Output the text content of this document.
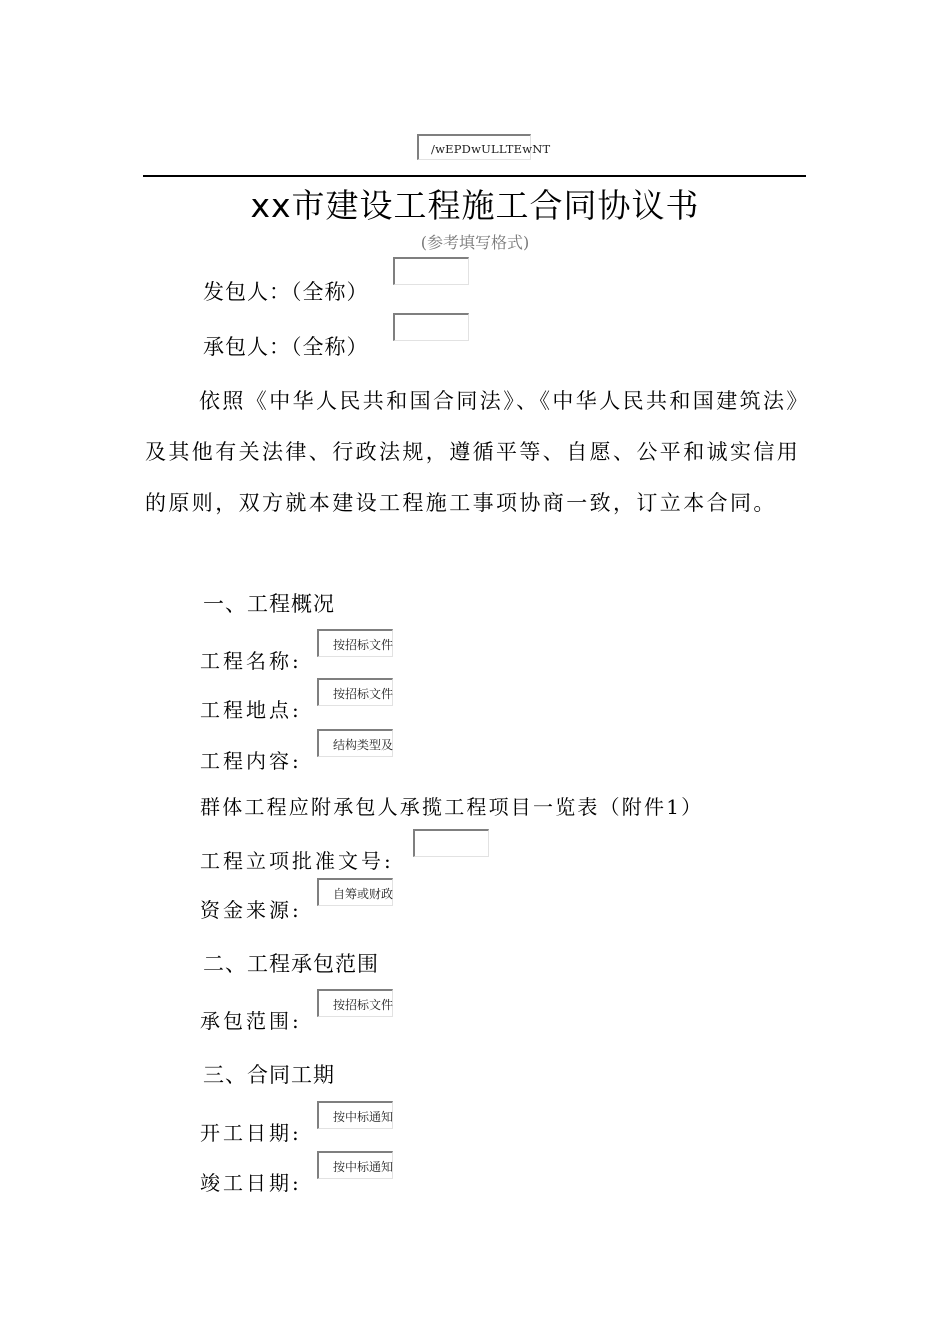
/wEPDwULLTEwNT
xx市建设工程施工合同协议书
(参考填写格式)
发包人：（全称）
承包人：（全称）

依照《中华人民共和国合同法》、《中华人民共和国建筑法》及其他有关法律、行政法规，遵循平等、自愿、公平和诚实信用的原则，双方就本建设工程施工事项协商一致，订立本合同。

一、工程概况
工程名称:
按招标文件
工程地点:
按招标文件
工程内容:
结构类型及
群体工程应附承包人承揽工程项目一览表（附件1）
工程立项批准文号:
资金来源:
自筹或财政
二、工程承包范围
承包范围:
按招标文件
三、合同工期
开工日期:
按中标通知
竣工日期:
按中标通知
